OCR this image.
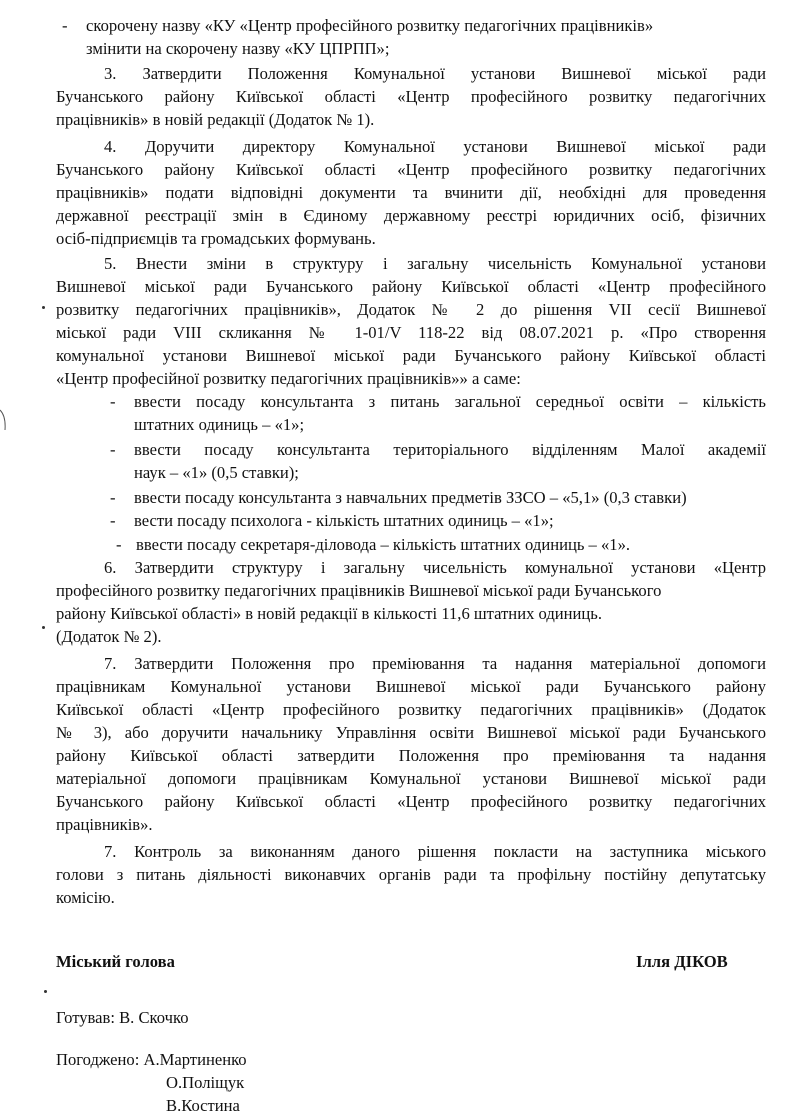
- скорочену назву «КУ «Центр професійного розвитку педагогічних працівників»
змінити на скорочену назву «КУ ЦПРПП»;
3. Затвердити Положення Комунальної установи Вишневої міської ради
Бучанського району Київської області «Центр професійного розвитку педагогічних
працівників» в новій редакції (Додаток № 1).
4. Доручити директору Комунальної установи Вишневої міської ради
Бучанського району Київської області «Центр професійного розвитку педагогічних
працівників» подати відповідні документи та вчинити дії, необхідні для проведення
державної реєстрації змін в Єдиному державному реєстрі юридичних осіб, фізичних
осіб-підприємців та громадських формувань.
5. Внести зміни в структуру і загальну чисельність Комунальної установи
Вишневої міської ради Бучанського району Київської області «Центр професійного
розвитку педагогічних працівників», Додаток № 2 до рішення VII сесії Вишневої
міської ради VIII скликання № 1-01/V 118-22 від 08.07.2021 р. «Про створення
комунальної установи Вишневої міської ради Бучанського району Київської області
«Центр професійної розвитку педагогічних працівників»» а саме:
- ввести посаду консультанта з питань загальної середньої освіти – кількість
штатних одиниць – «1»;
- ввести посаду консультанта територіального відділенням Малої академії
наук – «1» (0,5 ставки);
- ввести посаду консультанта з навчальних предметів ЗЗСО – «5,1» (0,3 ставки)
- вести посаду психолога - кількість штатних одиниць – «1»;
- ввести посаду секретаря-діловода – кількість штатних одиниць – «1».
6. Затвердити структуру і загальну чисельність комунальної установи «Центр
професійного розвитку педагогічних працівників Вишневої міської ради Бучанського
району Київської області» в новій редакції в кількості 11,6 штатних одиниць.
(Додаток № 2).
7. Затвердити Положення про преміювання та надання матеріальної допомоги
працівникам Комунальної установи Вишневої міської ради Бучанського району
Київської області «Центр професійного розвитку педагогічних працівників» (Додаток
№ 3), або доручити начальнику Управління освіти Вишневої міської ради Бучанського
району Київської області затвердити Положення про преміювання та надання
матеріальної допомоги працівникам Комунальної установи Вишневої міської ради
Бучанського району Київської області «Центр професійного розвитку педагогічних
працівників».
7. Контроль за виконанням даного рішення покласти на заступника міського
голови з питань діяльності виконавчих органів ради та профільну постійну депутатську
комісію.
Міський голова	Ілля ДІКОВ
Готував: В. Скочко
Погоджено: А.Мартиненко
О.Поліщук
В.Костина
